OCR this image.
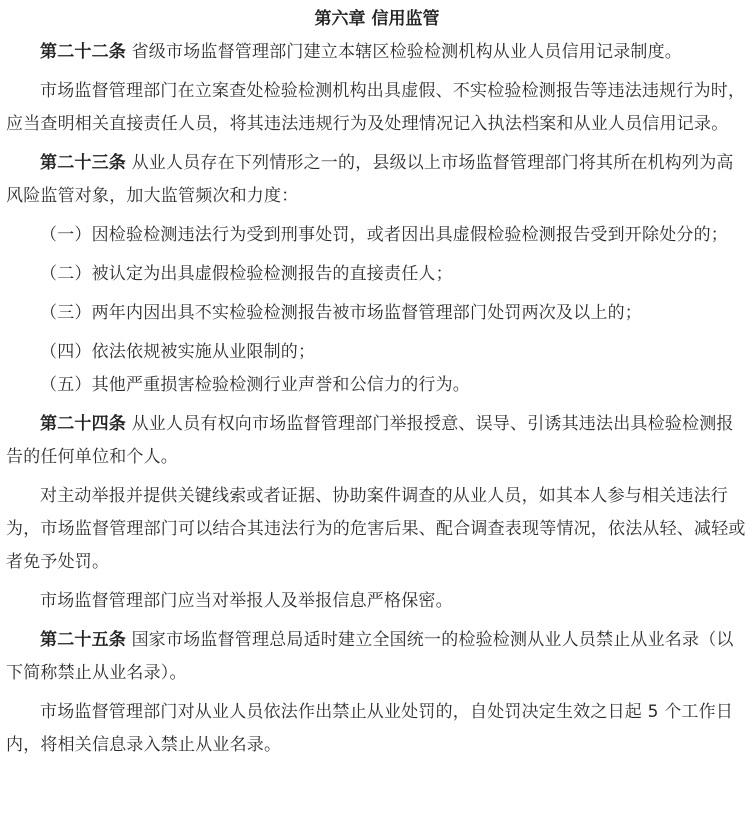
第六章 信用监管
第二十二条 省级市场监督管理部门建立本辖区检验检测机构从业人员信用记录制度。
市场监督管理部门在立案查处检验检测机构出具虚假、不实检验检测报告等违法违规行为时，应当查明相关直接责任人员，将其违法违规行为及处理情况记入执法档案和从业人员信用记录。
第二十三条 从业人员存在下列情形之一的，县级以上市场监督管理部门将其所在机构列为高风险监管对象，加大监管频次和力度：
（一）因检验检测违法行为受到刑事处罚，或者因出具虚假检验检测报告受到开除处分的；
（二）被认定为出具虚假检验检测报告的直接责任人；
（三）两年内因出具不实检验检测报告被市场监督管理部门处罚两次及以上的；
（四）依法依规被实施从业限制的；
（五）其他严重损害检验检测行业声誉和公信力的行为。
第二十四条 从业人员有权向市场监督管理部门举报授意、误导、引诱其违法出具检验检测报告的任何单位和个人。
对主动举报并提供关键线索或者证据、协助案件调查的从业人员，如其本人参与相关违法行为，市场监督管理部门可以结合其违法行为的危害后果、配合调查表现等情况，依法从轻、减轻或者免予处罚。
市场监督管理部门应当对举报人及举报信息严格保密。
第二十五条 国家市场监督管理总局适时建立全国统一的检验检测从业人员禁止从业名录（以下简称禁止从业名录）。
市场监督管理部门对从业人员依法作出禁止从业处罚的，自处罚决定生效之日起 5 个工作日内，将相关信息录入禁止从业名录。
